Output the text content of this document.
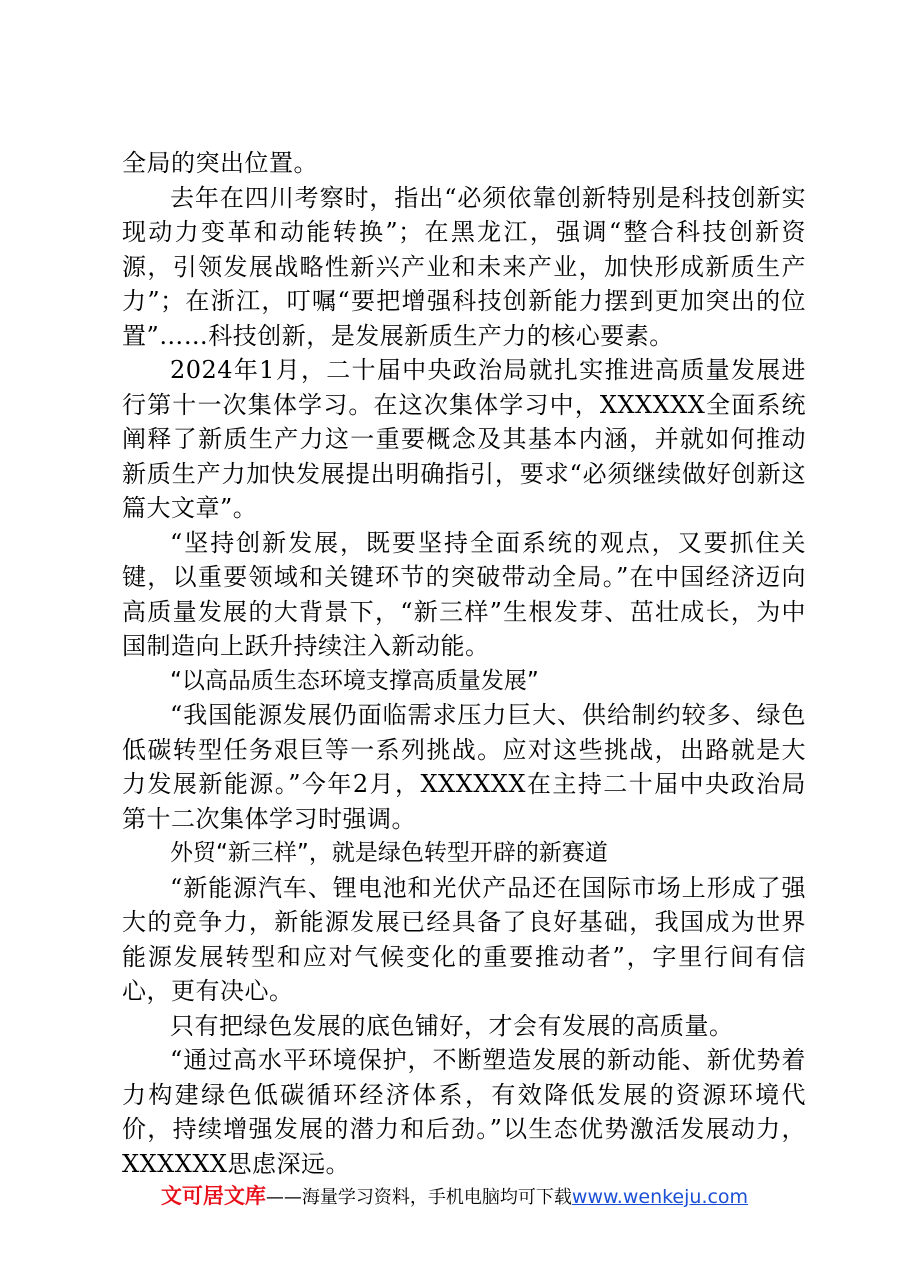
全局的突出位置。

去年在四川考察时，指出“必须依靠创新特别是科技创新实现动力变革和动能转换”；在黑龙江，强调“整合科技创新资源，引领发展战略性新兴产业和未来产业，加快形成新质生产力”；在浙江，叮嘱“要把增强科技创新能力摆到更加突出的位置”……科技创新，是发展新质生产力的核心要素。

2024年1月，二十届中央政治局就扎实推进高质量发展进行第十一次集体学习。在这次集体学习中，XXXXXX全面系统阐释了新质生产力这一重要概念及其基本内涵，并就如何推动新质生产力加快发展提出明确指引，要求“必须继续做好创新这篇大文章”。

“坚持创新发展，既要坚持全面系统的观点，又要抓住关键，以重要领域和关键环节的突破带动全局。”在中国经济迈向高质量发展的大背景下，“新三样”生根发芽、茁壮成长，为中国制造向上跃升持续注入新动能。

“以高品质生态环境支撑高质量发展”

“我国能源发展仍面临需求压力巨大、供给制约较多、绿色低碳转型任务艰巨等一系列挑战。应对这些挑战，出路就是大力发展新能源。”今年2月，XXXXXX在主持二十届中央政治局第十二次集体学习时强调。

外贸“新三样”，就是绿色转型开辟的新赛道

“新能源汽车、锂电池和光伏产品还在国际市场上形成了强大的竞争力，新能源发展已经具备了良好基础，我国成为世界能源发展转型和应对气候变化的重要推动者”，字里行间有信心，更有决心。

只有把绿色发展的底色铺好，才会有发展的高质量。

“通过高水平环境保护，不断塑造发展的新动能、新优势着力构建绿色低碳循环经济体系，有效降低发展的资源环境代价，持续增强发展的潜力和后劲。”以生态优势激活发展动力，XXXXXX思虑深远。

文可居文库——海量学习资料，手机电脑均可下载www.wenkeju.com
